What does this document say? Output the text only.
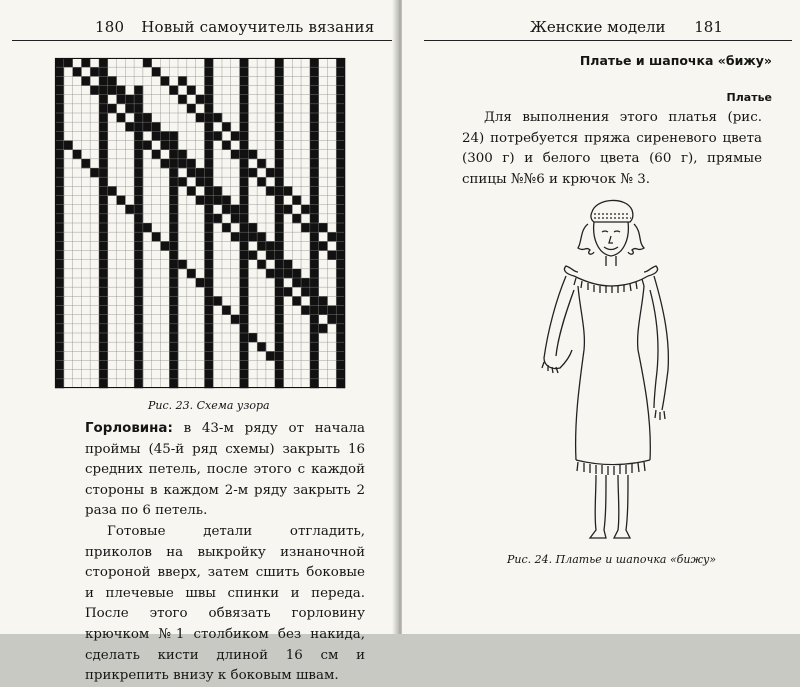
180 Новый самоучитель вязания
Рис. 23. Схема узора

Горловина: в 43-м ряду от начала проймы (45-й ряд схемы) закрыть 16 средних петель, после этого с каждой стороны в каждом 2-м ряду закрыть 2 раза по 6 петель.

Готовые детали отгладить, приколов на выкройку изнаночной стороной вверх, затем сшить боковые и плечевые швы спинки и переда. После этого обвязать горловину крючком №1 столбиком без накида, сделать кисти длиной 16 см и прикрепить внизу к боковым швам.

Женские модели 181
Платье и шапочка «бижу»
Платье

Для выполнения этого платья (рис. 24) потребуется пряжа сиреневого цвета (300 г) и белого цвета (60 г), прямые спицы №№6 и крючок № 3.

Рис. 24. Платье и шапочка «бижу»
